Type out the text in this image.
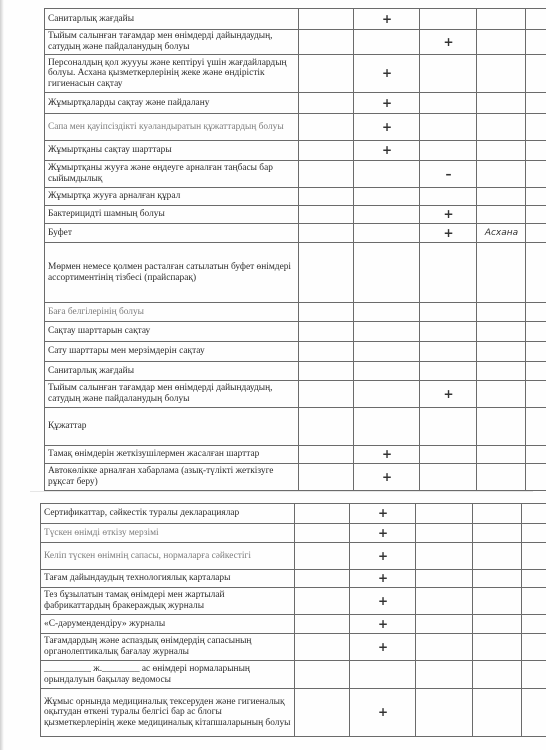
Санитарлық жағдайы		+			

Тыйым салынған тағамдар мен өнімдерді дайындаудың, сатудың және пайдаланудың болуы			+		

Персоналдың қол жуууы және кептіруі үшін жағдайлардың болуы. Асхана қызметкерлерінің жеке және өндірістік гигиенасын сақтау		+			

Жұмыртқаларды сақтау және пайдалану		+			

Сапа мен қауіпсіздікті куәландыратын құжаттардың болуы		+			

Жұмыртқаны сақтау шарттары		+			

Жұмыртқаны жууға және өңдеуге арналған таңбасы бар сыйымдылық			–		

Жұмыртқа жууға арналған құрал					
Бактерицидті шамның болуы			+		

Буфет			+	Асхана	

Мөрмен немесе қолмен расталған сатылатын буфет өнімдері ассортиментінің тізбесі (прайспарақ)					
Баға белгілерінің болуы					
Сақтау шарттарын сақтау					
Сату шарттары мен мерзімдерін сақтау					
Санитарлық жағдайы					
Тыйым салынған тағамдар мен өнімдерді дайындаудың, сатудың және пайдаланудың болуы			+		

Құжаттар					
Тамақ өнімдерін жеткізушілермен жасалған шарттар		+			

Автокөлікке арналған хабарлама (азық-түлікті жеткізуге рұқсат беру)		+			

Сертификаттар, сәйкестік туралы декларациялар		+			

Түскен өнімді өткізу мерзімі		+			

Келіп түскен өнімнің сапасы, нормаларға сәйкестігі		+			

Тағам дайындаудың технологиялық карталары		+			

Тез бұзылатын тамақ өнімдері мен жартылай фабрикаттардың бракераждық журналы		+			

«С-дәрумендендіру» журналы		+			

Тағамдардың және аспаздық өнімдердің сапасының органолептикалық бағалау журналы		+			

__________ ж.________ ас өнімдері нормаларының орындалуын бақылау ведомосы					
Жұмыс орнында медициналық тексеруден және гигиеналық оқытудан өткені туралы белгісі бар ас блогы қызметкерлерінің жеке медициналық кітапшаларының болуы		+			
